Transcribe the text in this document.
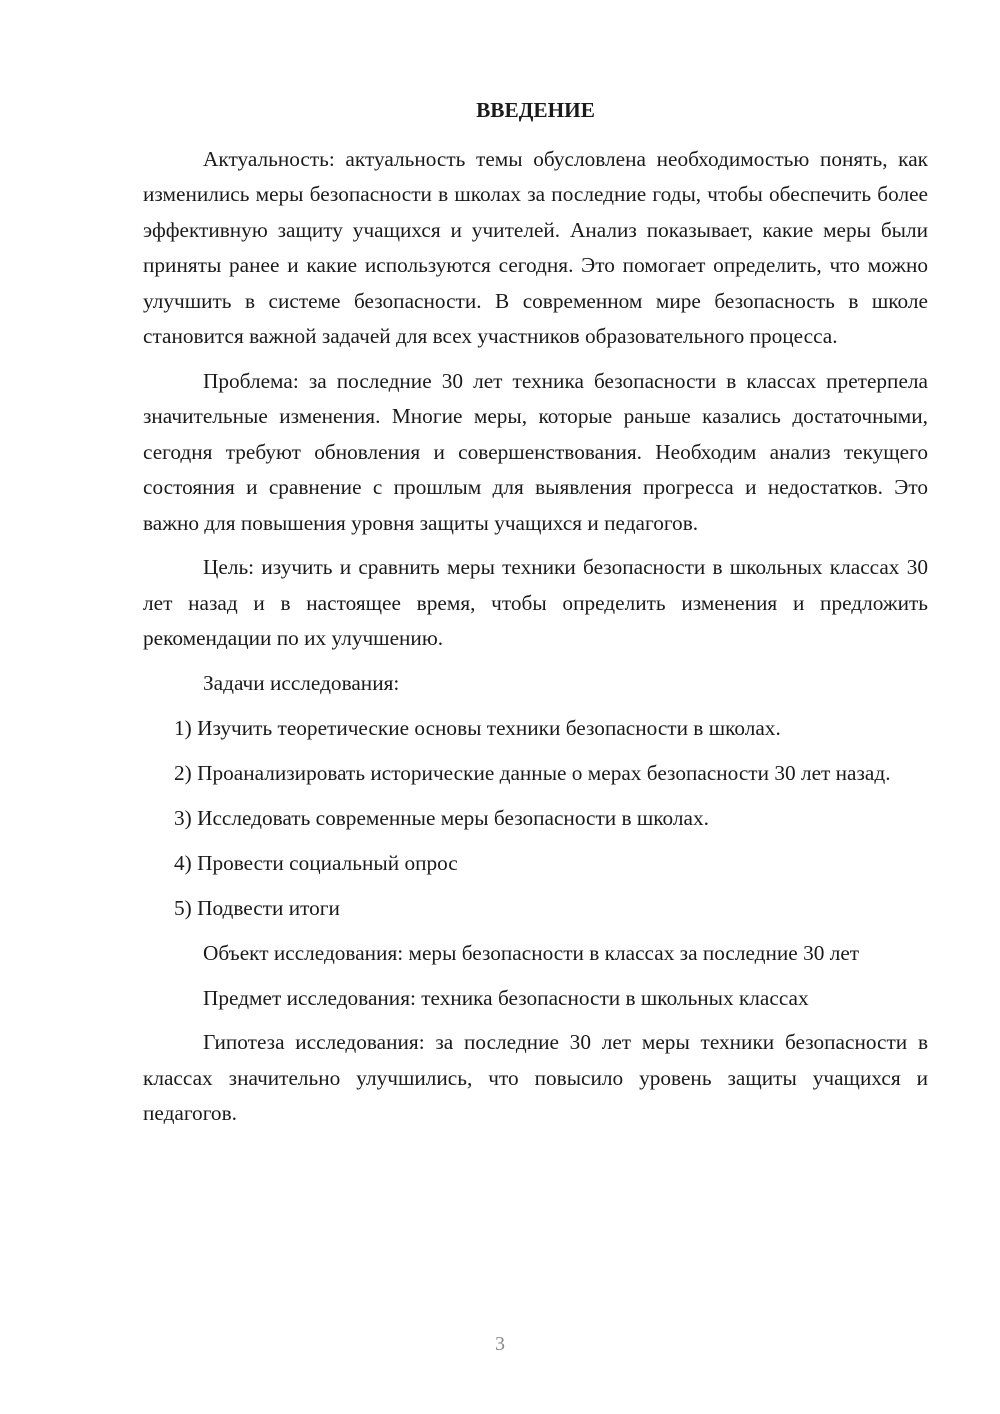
ВВЕДЕНИЕ

Актуальность: актуальность темы обусловлена необходимостью понять, как изменились меры безопасности в школах за последние годы, чтобы обеспечить более эффективную защиту учащихся и учителей. Анализ показывает, какие меры были приняты ранее и какие используются сегодня. Это помогает определить, что можно улучшить в системе безопасности. В современном мире безопасность в школе становится важной задачей для всех участников образовательного процесса.

Проблема: за последние 30 лет техника безопасности в классах претерпела значительные изменения. Многие меры, которые раньше казались достаточными, сегодня требуют обновления и совершенствования. Необходим анализ текущего состояния и сравнение с прошлым для выявления прогресса и недостатков. Это важно для повышения уровня защиты учащихся и педагогов.

Цель: изучить и сравнить меры техники безопасности в школьных классах 30 лет назад и в настоящее время, чтобы определить изменения и предложить рекомендации по их улучшению.

Задачи исследования:

1) Изучить теоретические основы техники безопасности в школах.

2) Проанализировать исторические данные о мерах безопасности 30 лет назад.

3) Исследовать современные меры безопасности в школах.

4) Провести социальный опрос

5) Подвести итоги

Объект исследования: меры безопасности в классах за последние 30 лет

Предмет исследования: техника безопасности в школьных классах

Гипотеза исследования: за последние 30 лет меры техники безопасности в классах значительно улучшились, что повысило уровень защиты учащихся и педагогов.

3
